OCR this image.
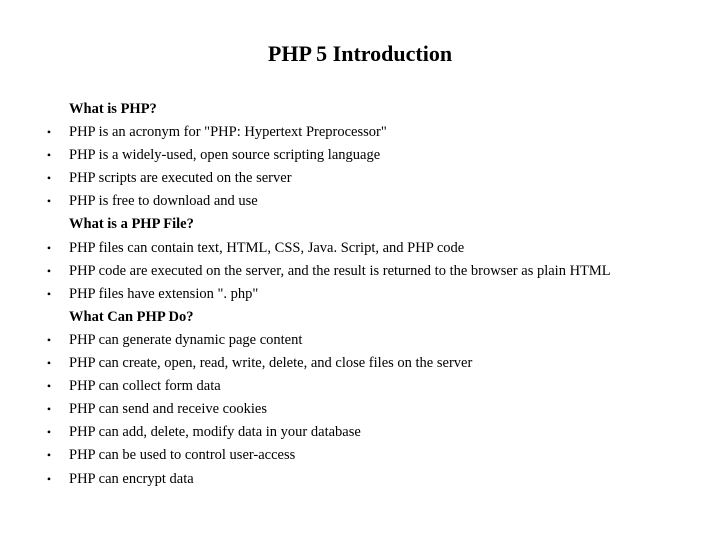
PHP 5 Introduction
What is PHP?
•	PHP is an acronym for "PHP: Hypertext Preprocessor"
•	PHP is a widely-used, open source scripting language
•	PHP scripts are executed on the server
•	PHP is free to download and use
What is a PHP File?
•	PHP files can contain text, HTML, CSS, Java. Script, and PHP code
•	PHP code are executed on the server, and the result is returned to the browser as plain HTML
•	PHP files have extension ". php"
What Can PHP Do?
•	PHP can generate dynamic page content
•	PHP can create, open, read, write, delete, and close files on the server
•	PHP can collect form data
•	PHP can send and receive cookies
•	PHP can add, delete, modify data in your database
•	PHP can be used to control user-access
•	PHP can encrypt data
